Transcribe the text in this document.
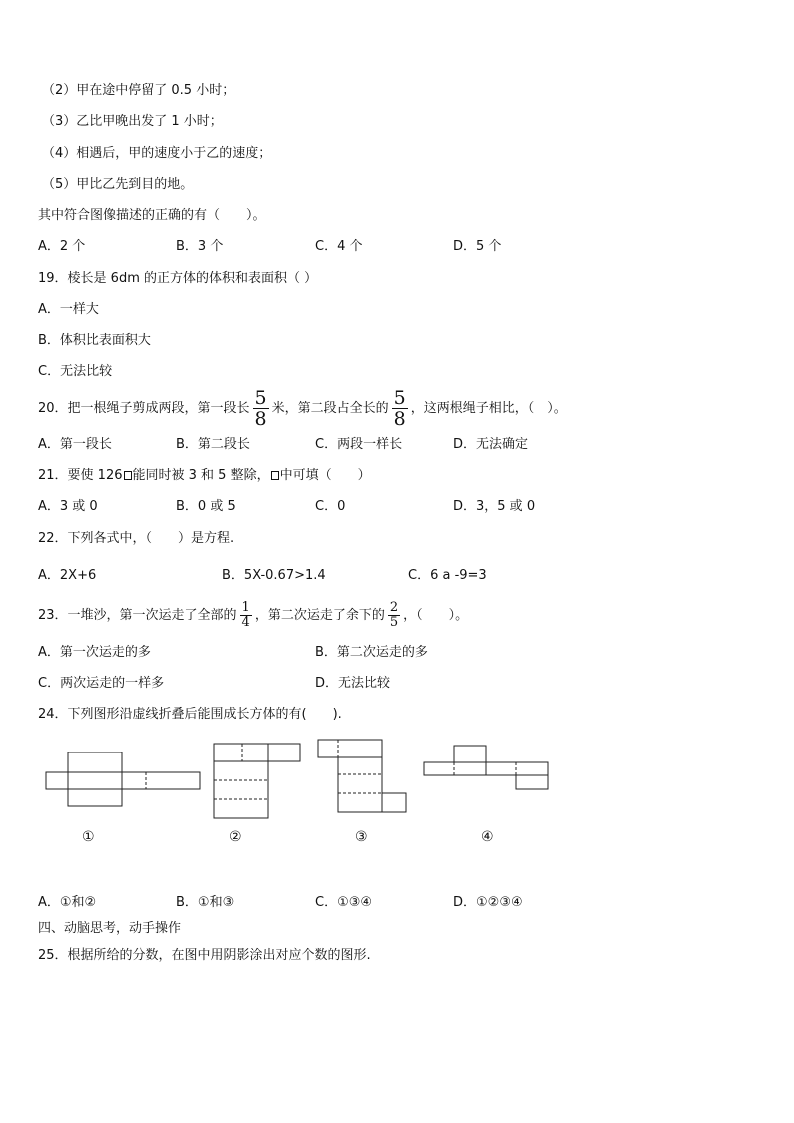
（2）甲在途中停留了 0.5 小时；
（3）乙比甲晚出发了 1 小时；
（4）相遇后，甲的速度小于乙的速度；
（5）甲比乙先到目的地。
其中符合图像描述的正确的有（　　）。
A．2 个	B．3 个	C．4 个	D．5 个
19．棱长是 6dm 的正方体的体积和表面积（ ）
A．一样大
B．体积比表面积大
C．无法比较
20．把一根绳子剪成两段，第一段长 $\frac{5}{8}$ 米，第二段占全长的 $\frac{5}{8}$ ，这两根绳子相比，（　）。
A．第一段长	B．第二段长	C．两段一样长	D．无法确定
21．要使 126 能同时被 3 和 5 整除， 中可填（　　）
A．3 或 0	B．0 或 5	C．0	D．3，5 或 0
22．下列各式中，（　　）是方程.
A．2X+6	B．5X-0.67>1.4	C．6 a -9=3
23．一堆沙，第一次运走了全部的 $\frac{1}{4}$ ，第二次运走了余下的 $\frac{2}{5}$ ，（　　）。
A．第一次运走的多	B．第二次运走的多
C．两次运走的一样多	D．无法比较
24．下列图形沿虚线折叠后能围成长方体的有(　　).
①	②	③	④
A．①和②	B．①和③	C．①③④	D．①②③④
四、动脑思考，动手操作
25．根据所给的分数，在图中用阴影涂出对应个数的图形.
